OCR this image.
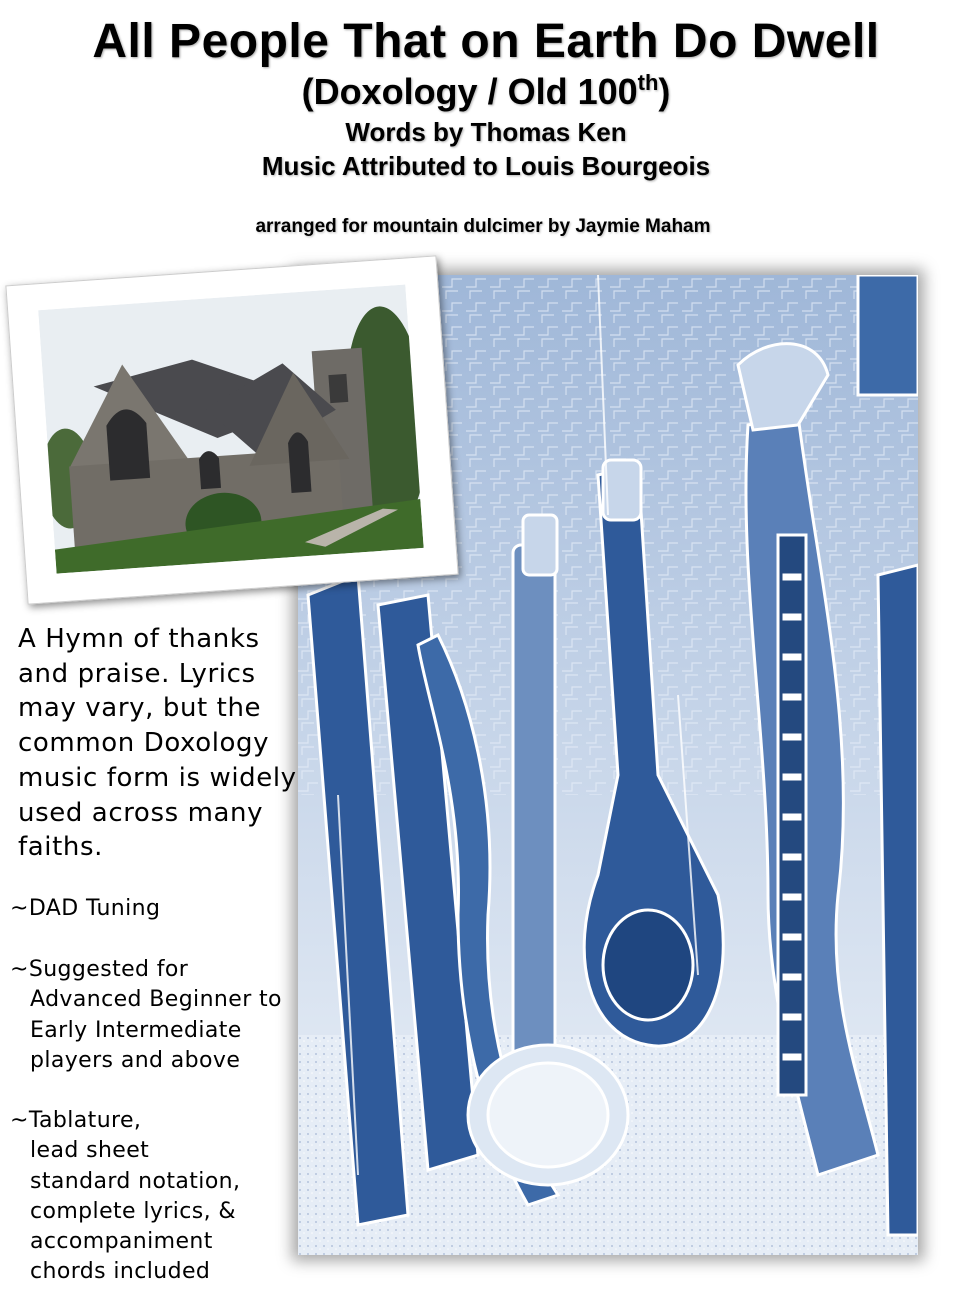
All People That on Earth Do Dwell
(Doxology / Old 100th)
Words by Thomas Ken
Music Attributed to Louis Bourgeois
arranged for mountain dulcimer by Jaymie Maham
A Hymn of thanks and praise. Lyrics may vary, but the common Doxology music form is widely used across many faiths.
~DAD Tuning
~Suggested for
Advanced Beginner to
Early Intermediate
players and above
~Tablature,
lead sheet
standard notation,
complete lyrics, &
accompaniment
chords included
